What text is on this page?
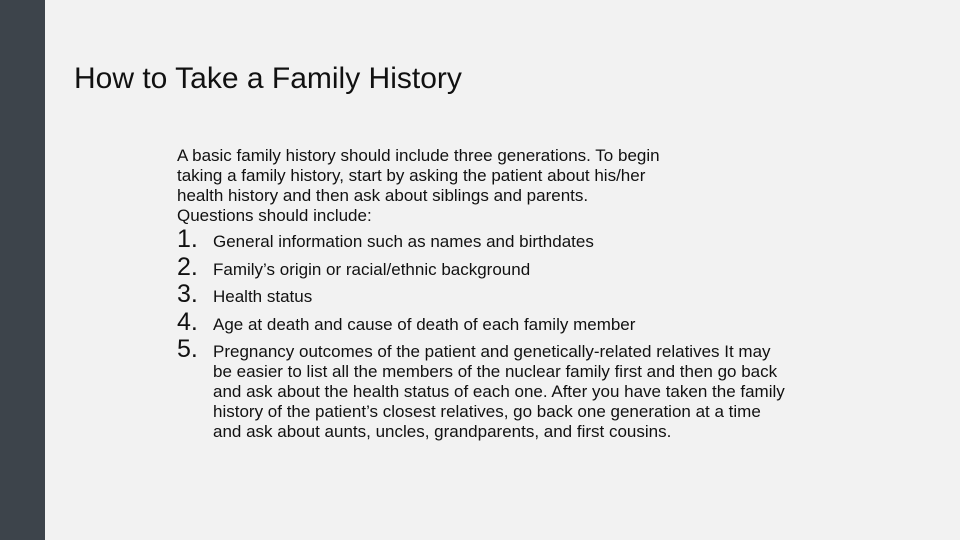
How to Take a Family History

A basic family history should include three generations. To begin
taking a family history, start by asking the patient about his/her
health history and then ask about siblings and parents.
Questions should include:

1. General information such as names and birthdates
2. Family’s origin or racial/ethnic background
3. Health status
4. Age at death and cause of death of each family member
5. Pregnancy outcomes of the patient and genetically-related relatives It may be easier to list all the members of the nuclear family first and then go back and ask about the health status of each one. After you have taken the family history of the patient’s closest relatives, go back one generation at a time and ask about aunts, uncles, grandparents, and first cousins.
